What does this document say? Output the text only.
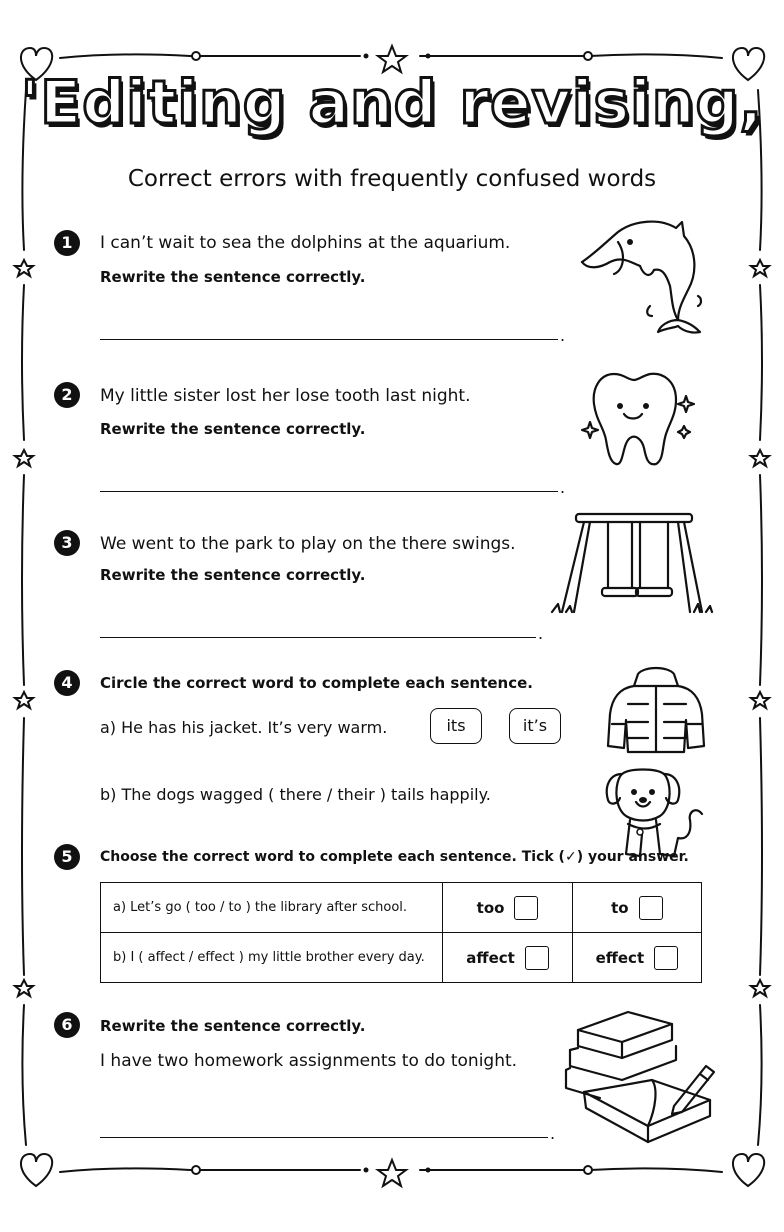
'Editing and revising,
Correct errors with frequently confused words
1	I can’t wait to sea the dolphins at the aquarium.
Rewrite the sentence correctly.
.
2	My little sister lost her lose tooth last night.
Rewrite the sentence correctly.
.
3	We went to the park to play on the there swings.
Rewrite the sentence correctly.
.
4	Circle the correct word to complete each sentence.
a) He has his jacket. It’s very warm.	its	it’s
b) The dogs wagged ( there / their ) tails happily.
5	Choose the correct word to complete each sentence. Tick (✓) your answer.
a) Let’s go ( too / to ) the library after school.	too	to

b) I ( affect / effect ) my little brother every day.	affect	effect
6	Rewrite the sentence correctly.
I have two homework assignments to do tonight.
.
